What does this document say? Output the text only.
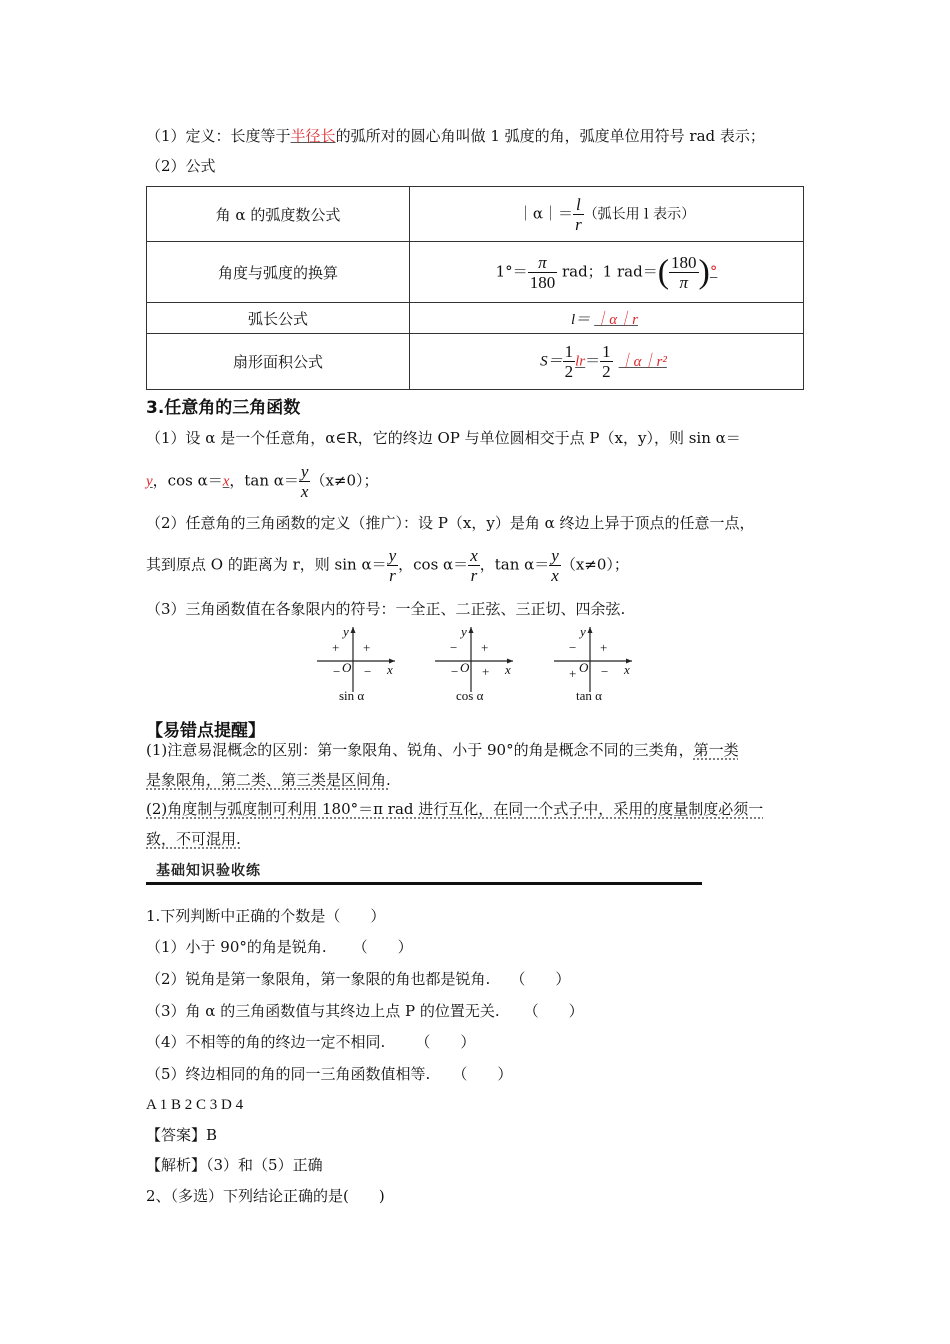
（1）定义：长度等于半径长的弧所对的圆心角叫做 1 弧度的角，弧度单位用符号 rad 表示；
（2）公式
角 α 的弧度数公式	｜α｜＝ $\frac{l}{r}$ （弧长用 l 表示）
角度与弧度的换算	$1^\circ= \frac{\pi}{180}$ rad；1 $rad=( \frac{180}{\pi}$ )°
弧长公式	l＝ ｜α｜r
扇形面积公式	$S= \frac{1}{2} lr= \frac{1}{2}$ ｜α｜r²
3.任意角的三角函数
（1）设 α 是一个任意角，α∈R，它的终边 OP 与单位圆相交于点 P（x，y），则 sin α＝
y，cos α＝x，$\tan \alpha= \frac{y}{x} (x\ne 0)$；
（2）任意角的三角函数的定义（推广）：设 P（x，y）是角 α 终边上异于顶点的任意一点，
其到原点 O 的距离为 r，则 $\sin \alpha= \frac{y}{r}$ ，$\cos \alpha= \frac{x}{r}$ ，$\tan \alpha= \frac{y}{x} (x\ne 0)$；
（3）三角函数值在各象限内的符号：一全正、二正弦、三正切、四余弦.
y
x
O
+
+
− −
sin α
y
x
O
+
−
− +
cos α
y
x
O
+
−
+ −
tan α
【易错点提醒】
(1)注意易混概念的区别：第一象限角、锐角、小于 90°的角是概念不同的三类角，第一类
是象限角，第二类、第三类是区间角.
(2)角度制与弧度制可利用 180°＝π rad 进行互化，在同一个式子中，采用的度量制度必须一
致，不可混用.
基础知识验收练
1.下列判断中正确的个数是（　　）
（1）小于 90°的角是锐角. （　　）
（2）锐角是第一象限角，第一象限的角也都是锐角. （　　）
（3）角 α 的三角函数值与其终边上点 P 的位置无关. （　　）
（4）不相等的角的终边一定不相同. （　　）
（5）终边相同的角的同一三角函数值相等. （　　）
A 1 B 2 C 3 D 4
【答案】B
【解析】（3）和（5）正确
2、（多选）下列结论正确的是(　　)
